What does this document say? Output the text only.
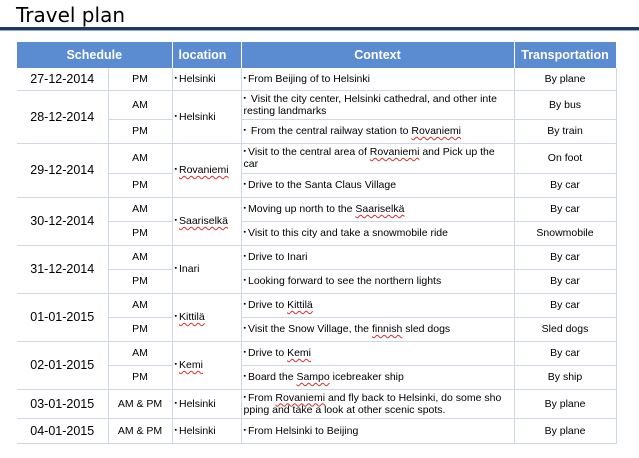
Travel plan
Schedule		location	Context	Transportation
27-12-2014	PM	▪ Helsinki	▪ From Beijing of to Helsinki	By plane
28-12-2014	AM	▪ Helsinki	▪ Visit the city center, Helsinki cathedral, and other inte resting landmarks	By bus
	PM		▪ From the central railway station to Rovaniemi	By train
29-12-2014	AM	▪ Rovaniemi	▪ Visit to the central area of Rovaniemi and Pick up the car	On foot
	PM		▪ Drive to the Santa Claus Village	By car
30-12-2014	AM	▪ Saariselkä	▪ Moving up north to the Saariselkä	By car
	PM		▪ Visit to this city and take a snowmobile ride	Snowmobile
31-12-2014	AM	▪ Inari	▪ Drive to Inari	By car
	PM		▪ Looking forward to see the northern lights	By car
01-01-2015	AM	▪ Kittilä	▪ Drive to Kittilä	By car
	PM		▪ Visit the Snow Village, the finnish sled dogs	Sled dogs
02-01-2015	AM	▪ Kemi	▪ Drive to Kemi	By car
	PM		▪ Board the Sampo icebreaker ship	By ship
03-01-2015	AM & PM	▪ Helsinki	▪ From Rovaniemi and fly back to Helsinki, do some sho pping and take a look at other scenic spots.	By plane
04-01-2015	AM & PM	▪ Helsinki	▪ From Helsinki to Beijing	By plane
